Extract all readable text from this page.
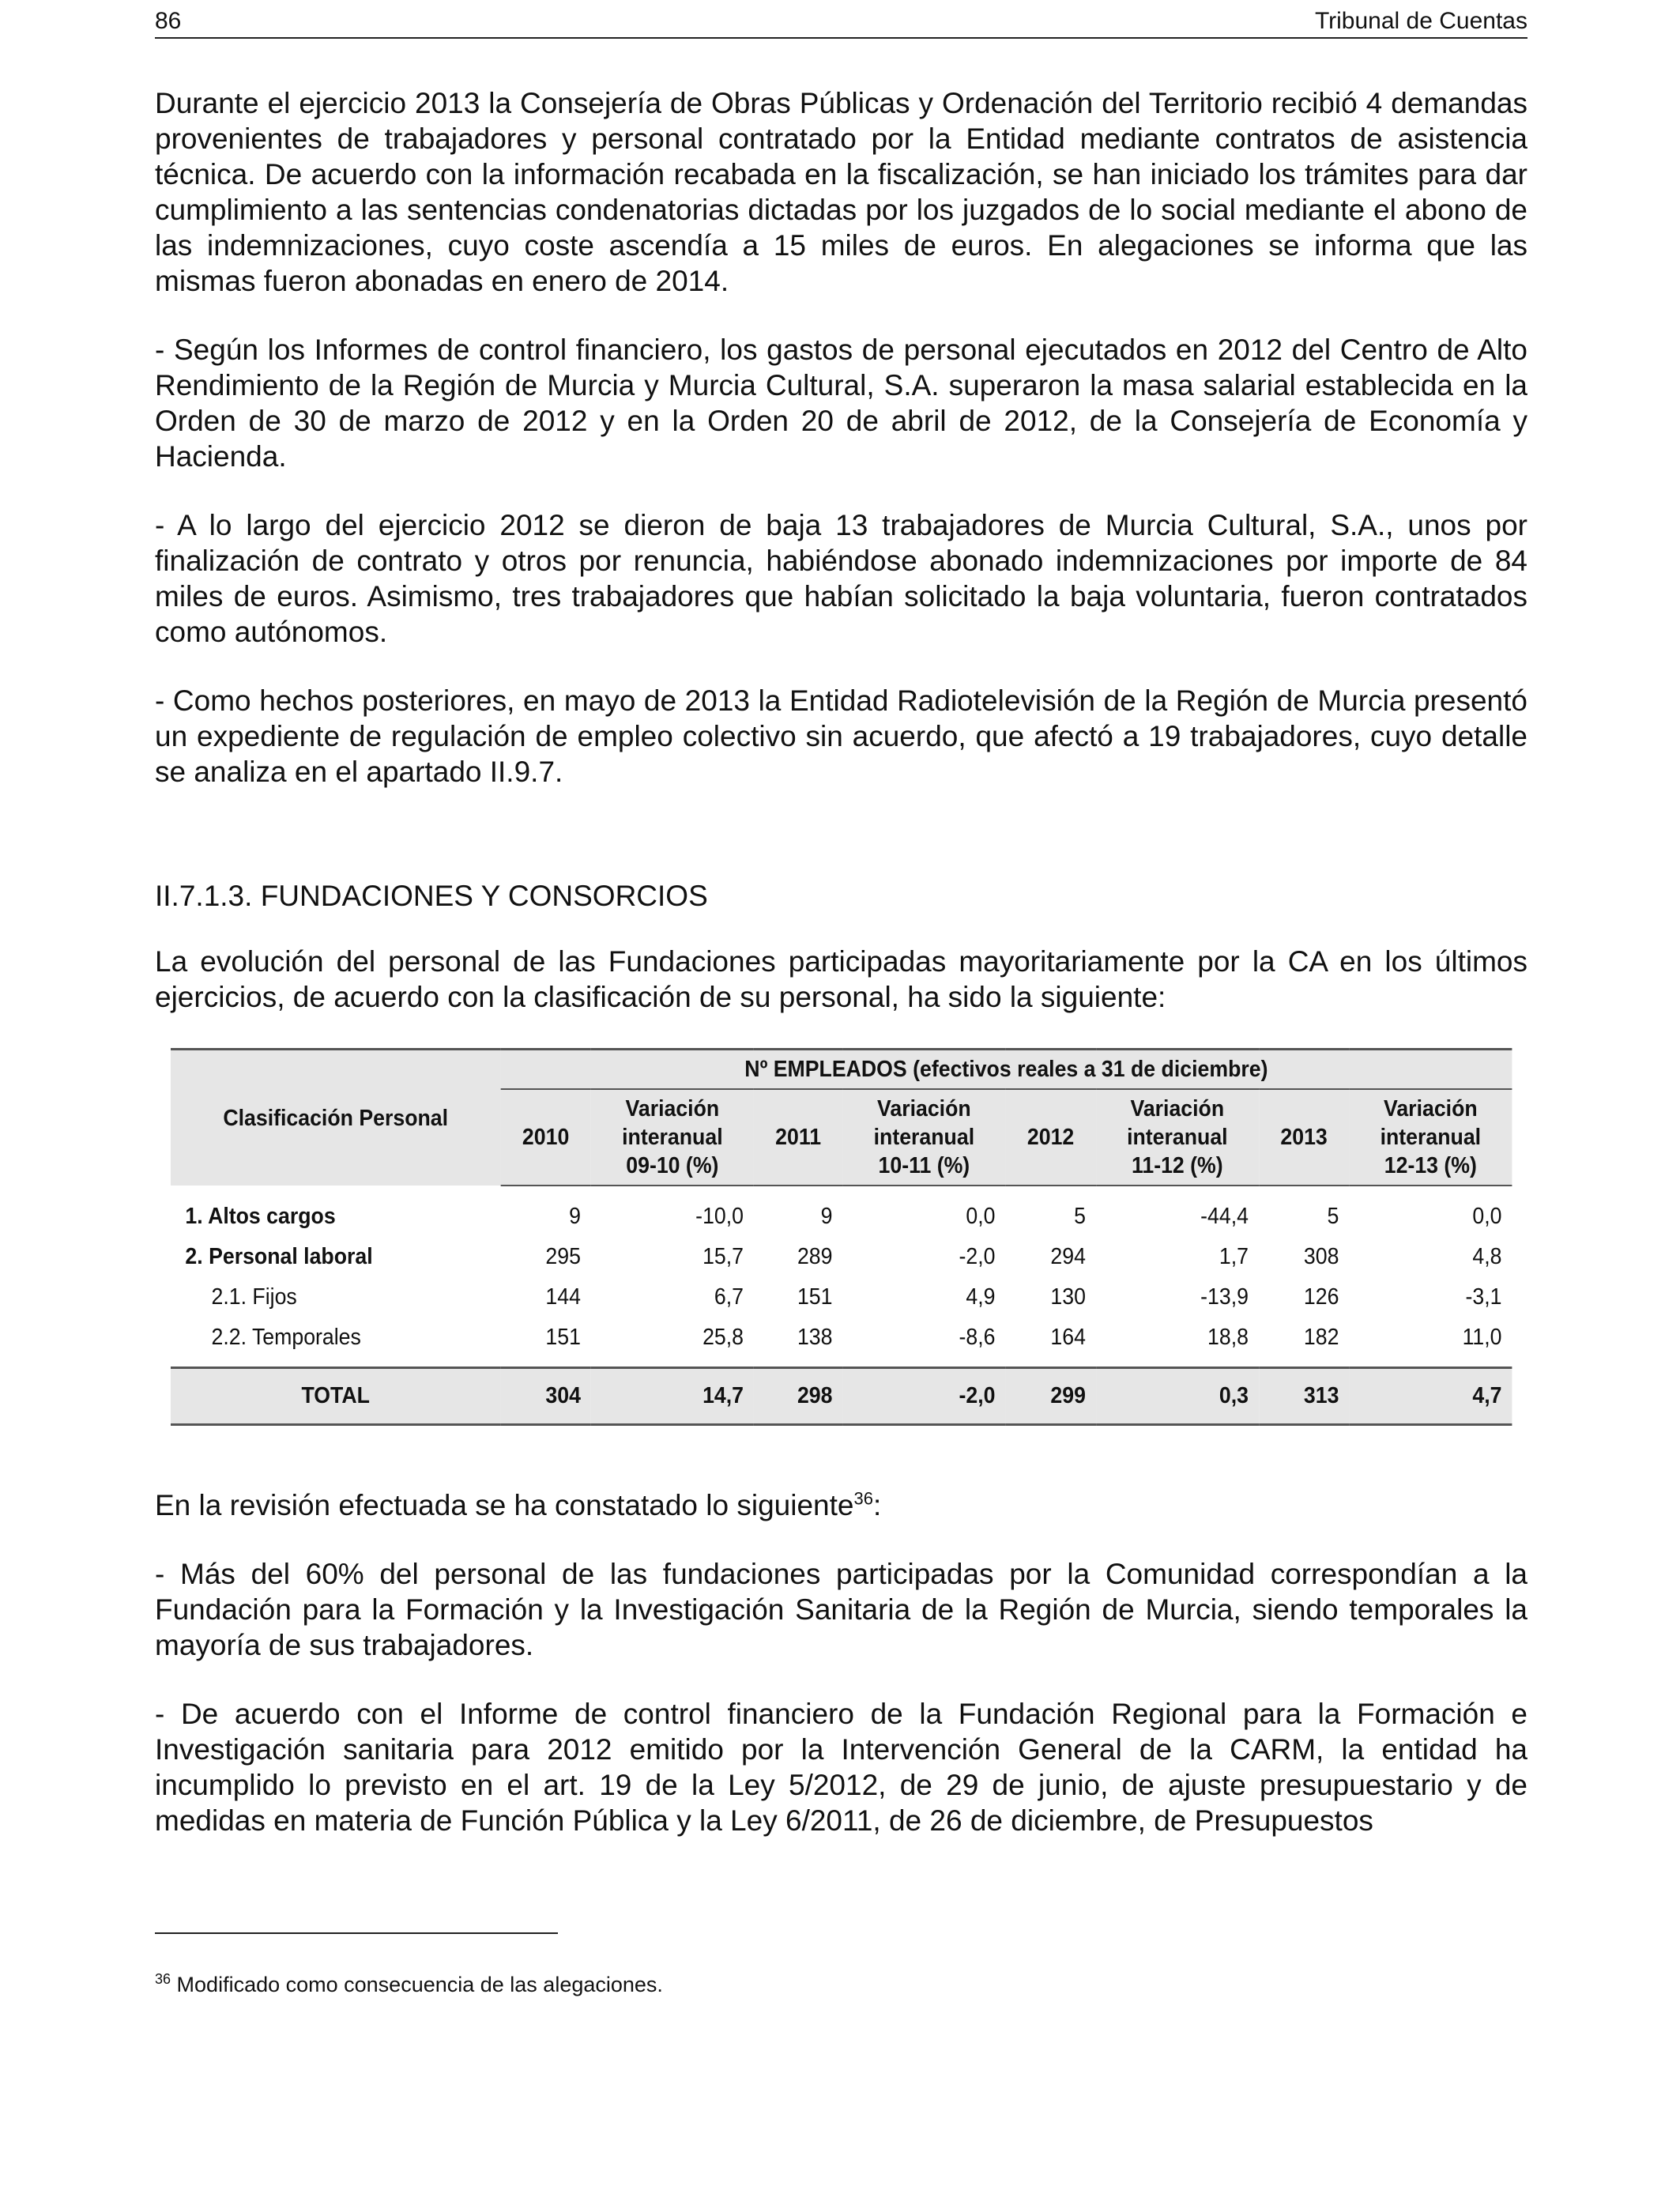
86	Tribunal de Cuentas

Durante el ejercicio 2013 la Consejería de Obras Públicas y Ordenación del Territorio recibió 4 demandas provenientes de trabajadores y personal contratado por la Entidad mediante contratos de asistencia técnica. De acuerdo con la información recabada en la fiscalización, se han iniciado los trámites para dar cumplimiento a las sentencias condenatorias dictadas por los juzgados de lo social mediante el abono de las indemnizaciones, cuyo coste ascendía a 15 miles de euros. En alegaciones se informa que las mismas fueron abonadas en enero de 2014.

- Según los Informes de control financiero, los gastos de personal ejecutados en 2012 del Centro de Alto Rendimiento de la Región de Murcia y Murcia Cultural, S.A. superaron la masa salarial establecida en la Orden de 30 de marzo de 2012 y en la Orden 20 de abril de 2012, de la Consejería de Economía y Hacienda.

- A lo largo del ejercicio 2012 se dieron de baja 13 trabajadores de Murcia Cultural, S.A., unos por finalización de contrato y otros por renuncia, habiéndose abonado indemnizaciones por importe de 84 miles de euros. Asimismo, tres trabajadores que habían solicitado la baja voluntaria, fueron contratados como autónomos.

- Como hechos posteriores, en mayo de 2013 la Entidad Radiotelevisión de la Región de Murcia presentó un expediente de regulación de empleo colectivo sin acuerdo, que afectó a 19 trabajadores, cuyo detalle se analiza en el apartado II.9.7.

II.7.1.3. FUNDACIONES Y CONSORCIOS

La evolución del personal de las Fundaciones participadas mayoritariamente por la CA en los últimos ejercicios, de acuerdo con la clasificación de su personal, ha sido la siguiente:

Clasificación Personal	Nº EMPLEADOS (efectivos reales a 31 de diciembre)							
	2010	Variación
interanual
09-10 (%)	2011	Variación
interanual
10-11 (%)	2012	Variación
interanual
11-12 (%)	2013	Variación
interanual
12-13 (%)
1. Altos cargos	9	-10,0	9	0,0	5	-44,4	5	0,0
2. Personal laboral	295	15,7	289	-2,0	294	1,7	308	4,8
2.1. Fijos	144	6,7	151	4,9	130	-13,9	126	-3,1
2.2. Temporales	151	25,8	138	-8,6	164	18,8	182	11,0
TOTAL	304	14,7	298	-2,0	299	0,3	313	4,7

En la revisión efectuada se ha constatado lo siguiente$^{36}$:

- Más del 60% del personal de las fundaciones participadas por la Comunidad correspondían a la Fundación para la Formación y la Investigación Sanitaria de la Región de Murcia, siendo temporales la mayoría de sus trabajadores.

- De acuerdo con el Informe de control financiero de la Fundación Regional para la Formación e Investigación sanitaria para 2012 emitido por la Intervención General de la CARM, la entidad ha incumplido lo previsto en el art. 19 de la Ley 5/2012, de 29 de junio, de ajuste presupuestario y de medidas en materia de Función Pública y la Ley 6/2011, de 26 de diciembre, de Presupuestos

$^{36}$ Modificado como consecuencia de las alegaciones.
